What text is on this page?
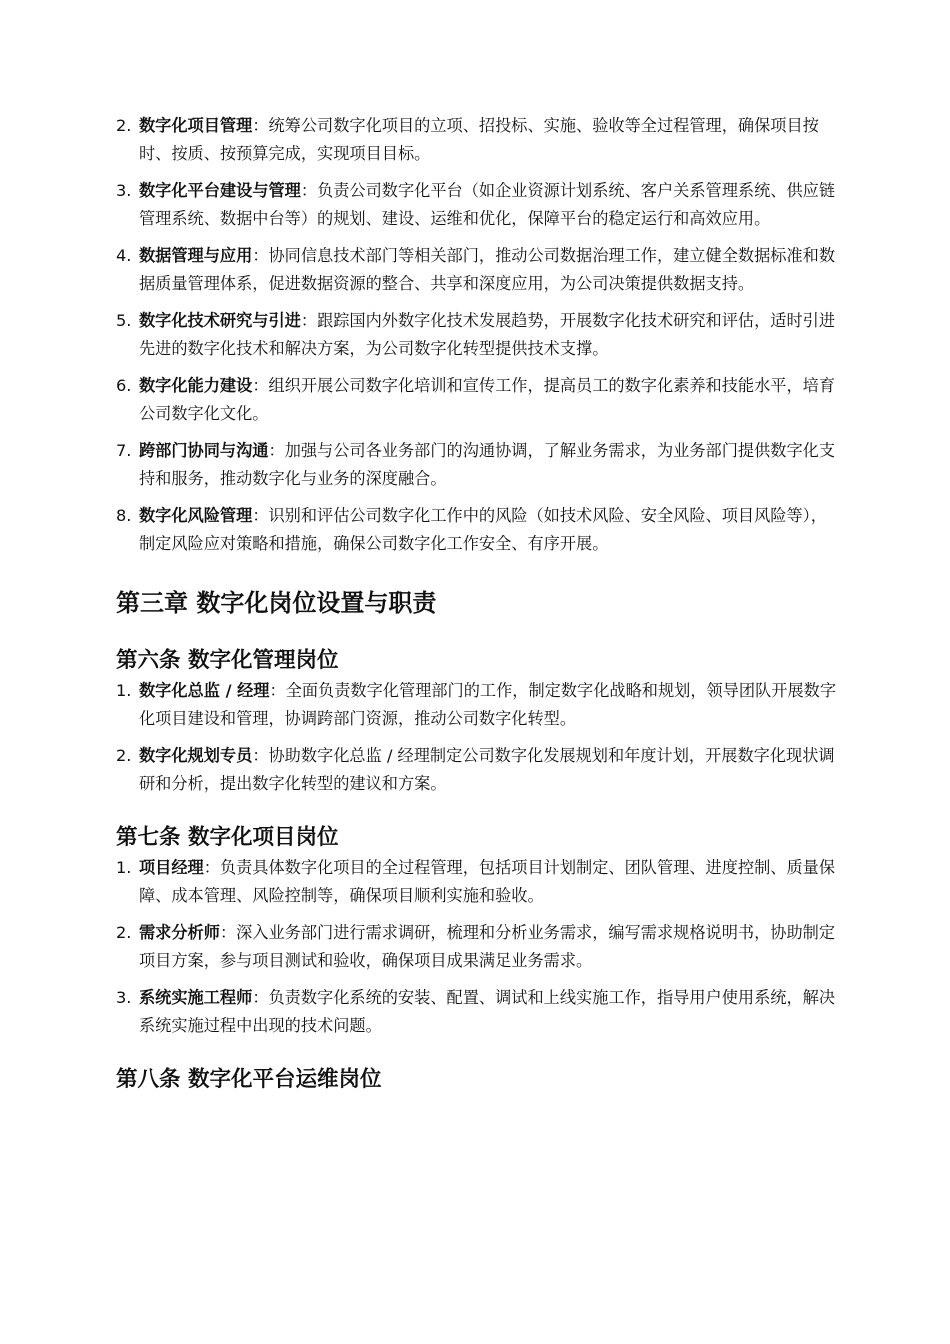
2. 数字化项目管理：统筹公司数字化项目的立项、招投标、实施、验收等全过程管理，确保项目按时、按质、按预算完成，实现项目目标。
3. 数字化平台建设与管理：负责公司数字化平台（如企业资源计划系统、客户关系管理系统、供应链管理系统、数据中台等）的规划、建设、运维和优化，保障平台的稳定运行和高效应用。
4. 数据管理与应用：协同信息技术部门等相关部门，推动公司数据治理工作，建立健全数据标准和数据质量管理体系，促进数据资源的整合、共享和深度应用，为公司决策提供数据支持。
5. 数字化技术研究与引进：跟踪国内外数字化技术发展趋势，开展数字化技术研究和评估，适时引进先进的数字化技术和解决方案，为公司数字化转型提供技术支撑。
6. 数字化能力建设：组织开展公司数字化培训和宣传工作，提高员工的数字化素养和技能水平，培育公司数字化文化。
7. 跨部门协同与沟通：加强与公司各业务部门的沟通协调，了解业务需求，为业务部门提供数字化支持和服务，推动数字化与业务的深度融合。
8. 数字化风险管理：识别和评估公司数字化工作中的风险（如技术风险、安全风险、项目风险等），制定风险应对策略和措施，确保公司数字化工作安全、有序开展。
第三章 数字化岗位设置与职责
第六条 数字化管理岗位
1. 数字化总监 / 经理：全面负责数字化管理部门的工作，制定数字化战略和规划，领导团队开展数字化项目建设和管理，协调跨部门资源，推动公司数字化转型。
2. 数字化规划专员：协助数字化总监 / 经理制定公司数字化发展规划和年度计划，开展数字化现状调研和分析，提出数字化转型的建议和方案。
第七条 数字化项目岗位
1. 项目经理：负责具体数字化项目的全过程管理，包括项目计划制定、团队管理、进度控制、质量保障、成本管理、风险控制等，确保项目顺利实施和验收。
2. 需求分析师：深入业务部门进行需求调研，梳理和分析业务需求，编写需求规格说明书，协助制定项目方案，参与项目测试和验收，确保项目成果满足业务需求。
3. 系统实施工程师：负责数字化系统的安装、配置、调试和上线实施工作，指导用户使用系统，解决系统实施过程中出现的技术问题。
第八条 数字化平台运维岗位
